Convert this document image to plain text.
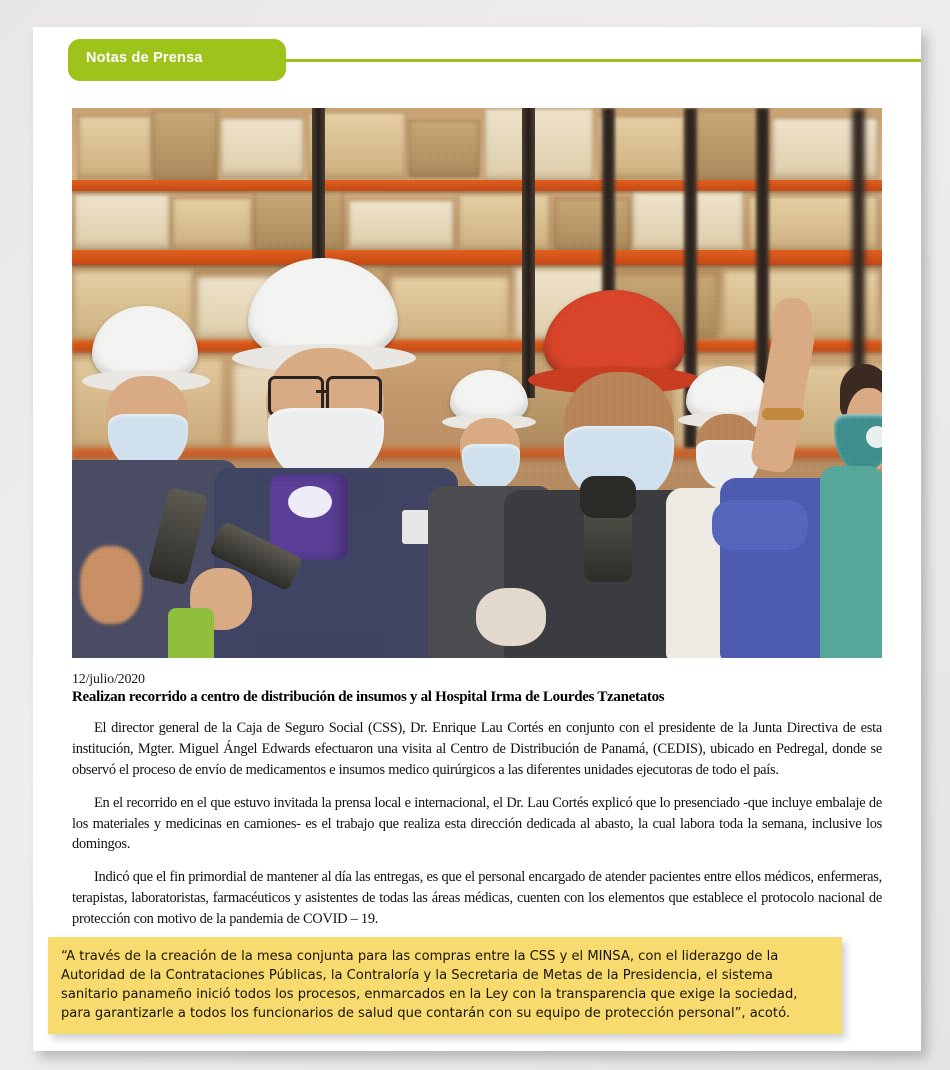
Notas de Prensa

12/julio/2020

Realizan recorrido a centro de distribución de insumos y al Hospital Irma de Lourdes Tzanetatos

El director general de la Caja de Seguro Social (CSS), Dr. Enrique Lau Cortés en conjunto con el presidente de la Junta Directiva de esta institución, Mgter. Miguel Ángel Edwards efectuaron una visita al Centro de Distribución de Panamá, (CEDIS), ubicado en Pedregal, donde se observó el proceso de envío de medicamentos e insumos medico quirúrgicos a las diferentes unidades ejecutoras de todo el país.

En el recorrido en el que estuvo invitada la prensa local e internacional, el Dr. Lau Cortés explicó que lo presenciado -que incluye embalaje de los materiales y medicinas en camiones- es el trabajo que realiza esta dirección dedicada al abasto, la cual labora toda la semana, inclusive los domingos.

Indicó que el fin primordial de mantener al día las entregas, es que el personal encargado de atender pacientes entre ellos médicos, enfermeras, terapistas, laboratoristas, farmacéuticos y asistentes de todas las áreas médicas, cuenten con los elementos que establece el protocolo nacional de protección con motivo de la pandemia de COVID – 19.

“A través de la creación de la mesa conjunta para las compras entre la CSS y el MINSA, con el liderazgo de la Autoridad de la Contrataciones Públicas, la Contraloría y la Secretaria de Metas de la Presidencia, el sistema sanitario panameño inició todos los procesos, enmarcados en la Ley con la transparencia que exige la sociedad, para garantizarle a todos los funcionarios de salud que contarán con su equipo de protección personal”, acotó.
